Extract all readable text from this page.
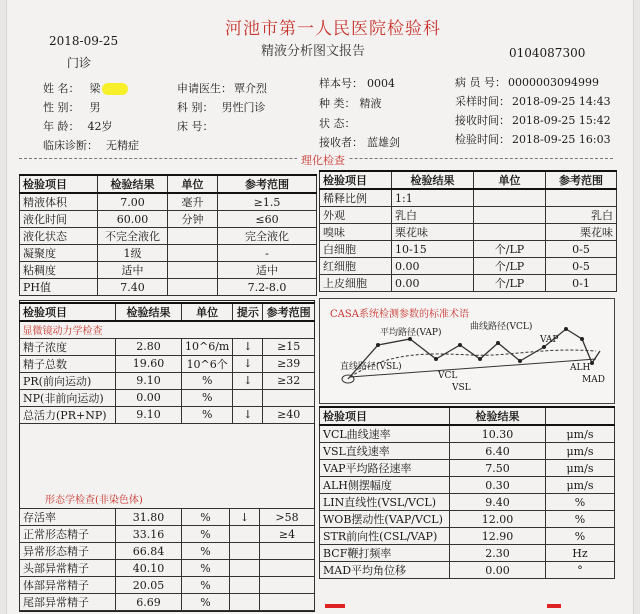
2018-09-25
河池市第一人民医院检验科
精液分析图文报告	0104087300
门诊
姓 名： 梁
性 别： 男
年 龄： 42岁
临床诊断： 无精症
申请医生： 覃介烈
科 别： 男性门诊
床 号：
样本号： 0004
种 类： 精液
状 态：
接收者： 蓝雄剑
病 员 号： 0000003094999
采样时间： 2018-09-25 14:43
接收时间： 2018-09-25 15:42
检验时间： 2018-09-25 16:03
理化检查
检验项目	检验结果	单位	参考范围
精液体积	7.00	毫升	≥1.5
液化时间	60.00	分钟	≤60
液化状态	不完全液化		完全液化
凝聚度	1级		-
粘稠度	适中		适中
PH值	7.40		7.2-8.0
检验项目	检验结果	单位	参考范围
稀释比例	1:1		
外观	乳白		乳白
嗅味	栗花味		栗花味
白细胞	10-15	个/LP	0-5
红细胞	0.00	个/LP	0-5
上皮细胞	0.00	个/LP	0-1
检验项目	检验结果	单位	提示	参考范围
显微镜动力学检查				
精子浓度	2.80	10^6/m	↓	≥15
精子总数	19.60	10^6个	↓	≥39
PR(前向运动)	9.10	%	↓	≥32
NP(非前向运动)	0.00	%		
总活力(PR+NP)	9.10	%	↓	≥40
形态学检查(非染色体)
存活率	31.80	%	↓	>58
正常形态精子	33.16	%		≥4
异常形态精子	66.84	%		
头部异常精子	40.10	%		
体部异常精子	20.05	%		
尾部异常精子	6.69	%		
CASA系统检测参数的标准术语
VCL
VSL
VAP
ALH
MAD
平均路径(VAP)
曲线路径(VCL)
直线路径(VSL)
检验项目	检验结果	
VCL曲线速率	10.30	μm/s
VSL直线速率	6.40	μm/s
VAP平均路径速率	7.50	μm/s
ALH侧摆幅度	0.30	μm/s
LIN直线性(VSL/VCL)	9.40	%
WOB摆动性(VAP/VCL)	12.00	%
STR前向性(CSL/VAP)	12.90	%
BCF鞭打频率	2.30	Hz
MAD平均角位移	0.00	°
